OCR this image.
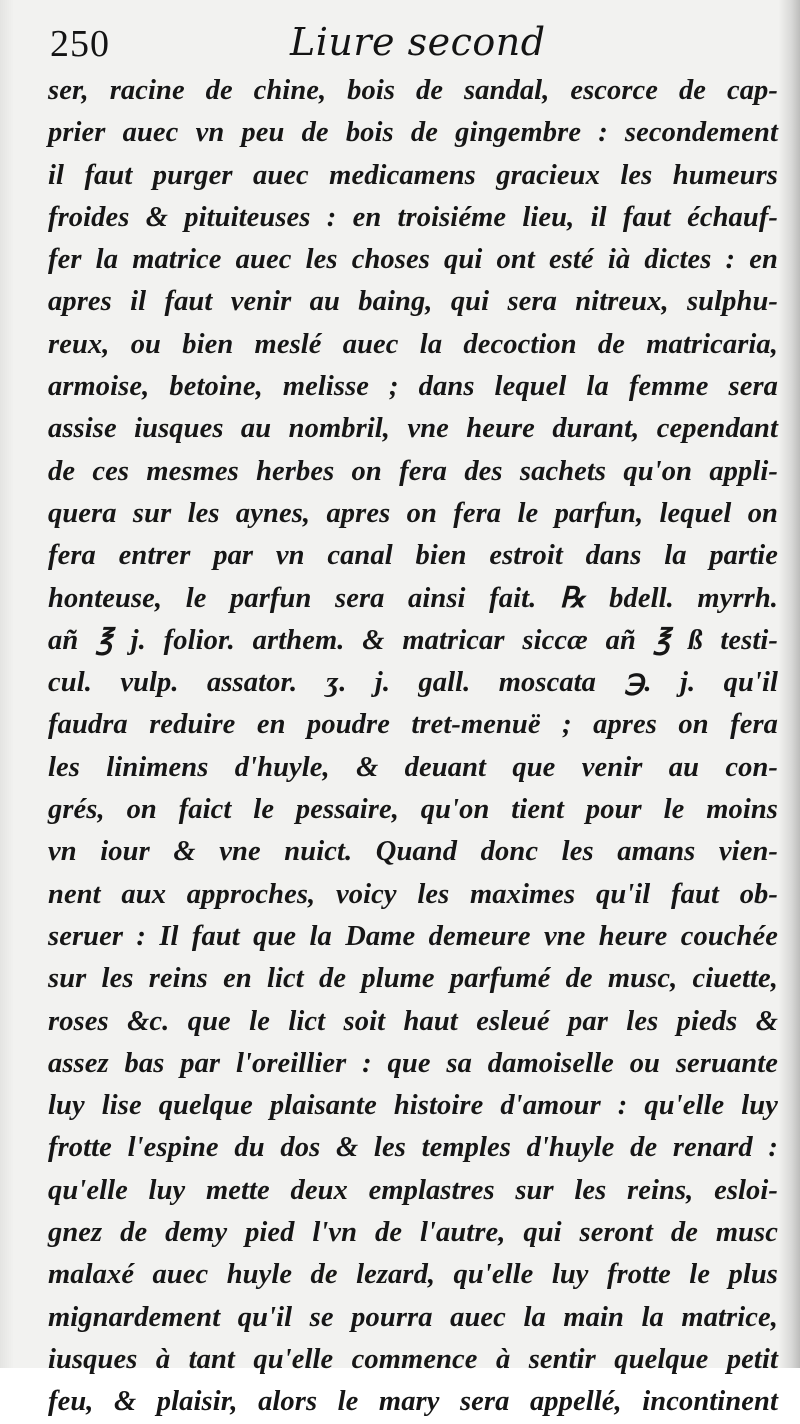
250	Liure second
ser, racine de chine, bois de sandal, escorce de cap-
prier auec vn peu de bois de gingembre : secondement
il faut purger auec medicamens gracieux les humeurs
froides & pituiteuses : en troisiéme lieu, il faut échauf-
fer la matrice auec les choses qui ont esté ià dictes : en
apres il faut venir au baing, qui sera nitreux, sulphu-
reux, ou bien meslé auec la decoction de matricaria,
armoise, betoine, melisse ; dans lequel la femme sera
assise iusques au nombril, vne heure durant, cependant
de ces mesmes herbes on fera des sachets qu'on appli-
quera sur les aynes, apres on fera le parfun, lequel on
fera entrer par vn canal bien estroit dans la partie
honteuse, le parfun sera ainsi fait. ℞ bdell. myrrh.
añ ℥ j. folior. arthem. & matricar siccæ añ ℥ ß testi-
cul. vulp. assator. ʒ. j. gall. moscata ℈. j. qu'il
faudra reduire en poudre tret-menuë ; apres on fera
les linimens d'huyle, & deuant que venir au con-
grés, on faict le pessaire, qu'on tient pour le moins
vn iour & vne nuict. Quand donc les amans vien-
nent aux approches, voicy les maximes qu'il faut ob-
seruer : Il faut que la Dame demeure vne heure couchée
sur les reins en lict de plume parfumé de musc, ciuette,
roses &c. que le lict soit haut esleué par les pieds &
assez bas par l'oreillier : que sa damoiselle ou seruante
luy lise quelque plaisante histoire d'amour : qu'elle luy
frotte l'espine du dos & les temples d'huyle de renard :
qu'elle luy mette deux emplastres sur les reins, esloi-
gnez de demy pied l'vn de l'autre, qui seront de musc
malaxé auec huyle de lezard, qu'elle luy frotte le plus
mignardement qu'il se pourra auec la main la matrice,
iusques à tant qu'elle commence à sentir quelque petit
feu, & plaisir, alors le mary sera appellé, incontinent
